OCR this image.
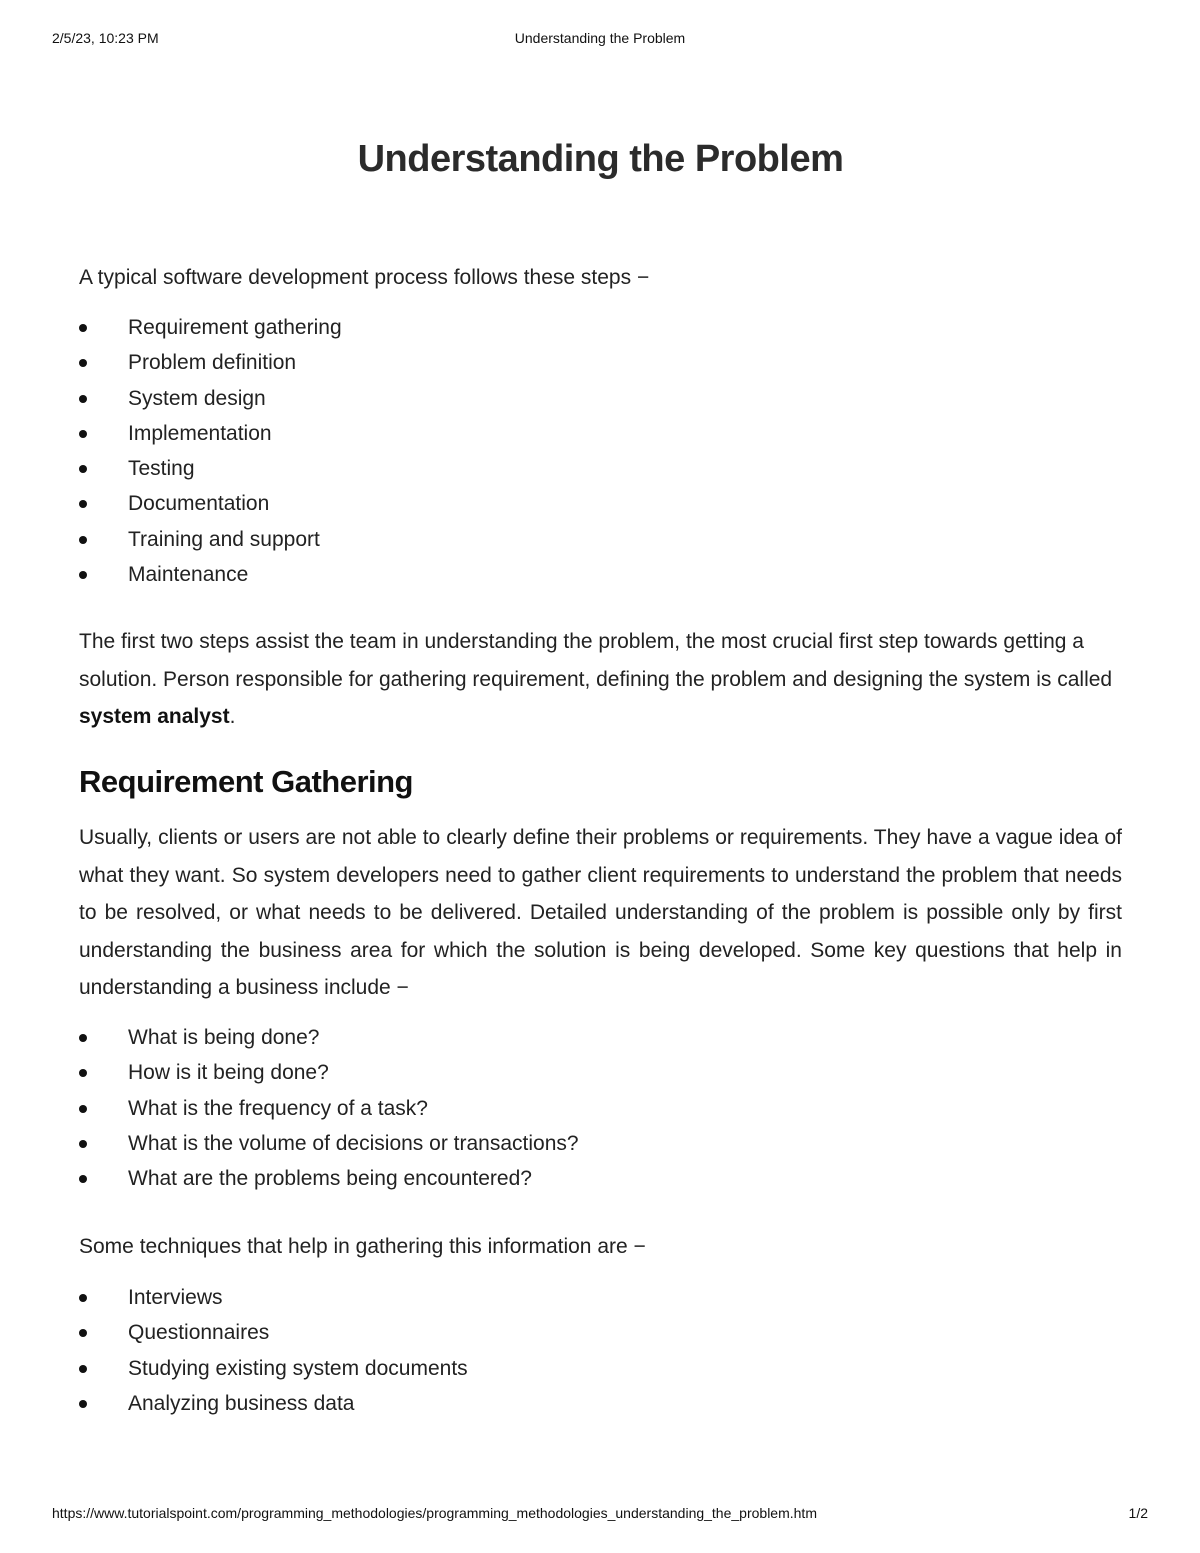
2/5/23, 10:23 PM	Understanding the Problem
Understanding the Problem

A typical software development process follows these steps −

Requirement gathering
Problem definition
System design
Implementation
Testing
Documentation
Training and support
Maintenance

The first two steps assist the team in understanding the problem, the most crucial first step towards getting a solution. Person responsible for gathering requirement, defining the problem and designing the system is called system analyst.

Requirement Gathering

Usually, clients or users are not able to clearly define their problems or requirements. They have a vague idea of what they want. So system developers need to gather client requirements to understand the problem that needs to be resolved, or what needs to be delivered. Detailed understanding of the problem is possible only by first understanding the business area for which the solution is being developed. Some key questions that help in understanding a business include −

What is being done?
How is it being done?
What is the frequency of a task?
What is the volume of decisions or transactions?
What are the problems being encountered?

Some techniques that help in gathering this information are −

Interviews
Questionnaires
Studying existing system documents
Analyzing business data
https://www.tutorialspoint.com/programming_methodologies/programming_methodologies_understanding_the_problem.htm	1/2
